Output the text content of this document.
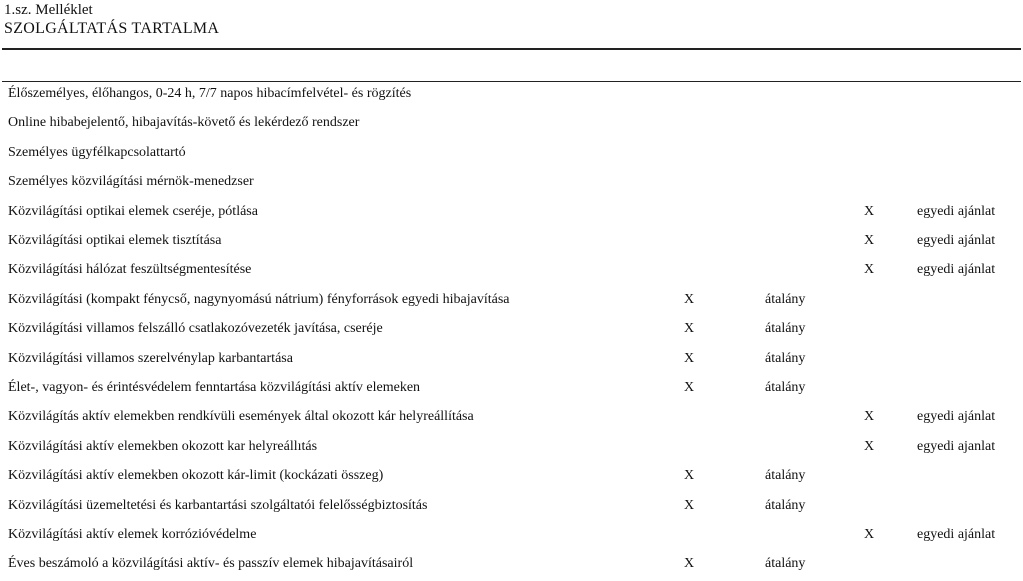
1.sz. Melléklet
SZOLGÁLTATÁS TARTALMA
Élőszemélyes, élőhangos, 0-24 h, 7/7 napos hibacímfelvétel- és rögzítés
Online hibabejelentő, hibajavítás-követő és lekérdező rendszer
Személyes ügyfélkapcsolattartó
Személyes közvilágítási mérnök-menedzser
Közvilágítási optikai elemek cseréje, pótlása	X	egyedi ajánlat
Közvilágítási optikai elemek tisztítása	X	egyedi ajánlat
Közvilágítási hálózat feszültségmentesítése	X	egyedi ajánlat
Közvilágítási (kompakt fénycső, nagynyomású nátrium) fényforrások egyedi hibajavítása	X	átalány
Közvilágítási villamos felszálló csatlakozóvezeték javítása, cseréje	X	átalány
Közvilágítási villamos szerelvénylap karbantartása	X	átalány
Élet-, vagyon- és érintésvédelem fenntartása közvilágítási aktív elemeken	X	átalány
Közvilágítás aktív elemekben rendkívüli események által okozott kár helyreállítása	X	egyedi ajánlat
Közvilágítási aktív elemekben okozott kar helyreállıtás	X	egyedi ajanlat
Közvilágítási aktív elemekben okozott kár-limit (kockázati összeg)	X	átalány
Közvilágítási üzemeltetési és karbantartási szolgáltatói felelősségbiztosítás	X	átalány
Közvilágítási aktív elemek korrózióvédelme	X	egyedi ajánlat
Éves beszámoló a közvilágítási aktív- és passzív elemek hibajavításairól	X	átalány
